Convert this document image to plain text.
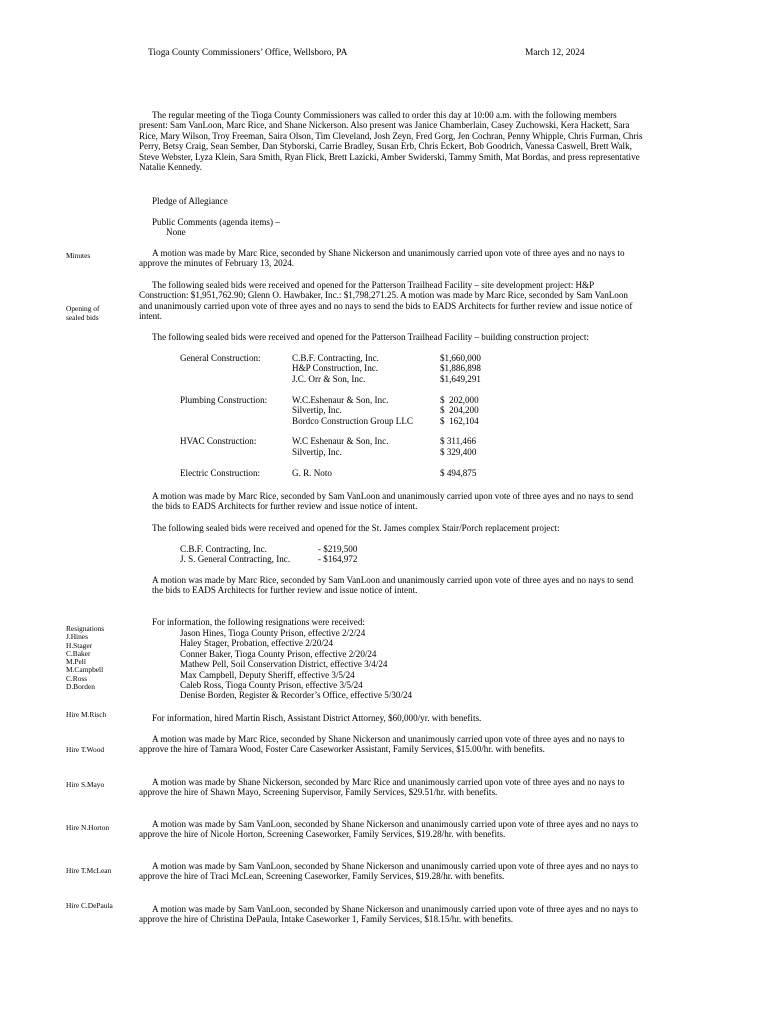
Tioga County Commissioners’ Office, Wellsboro, PA	March 12, 2024
The regular meeting of the Tioga County Commissioners was called to order this day at 10:00 a.m. with the following members present: Sam VanLoon, Marc Rice, and Shane Nickerson. Also present was Janice Chamberlain, Casey Zuchowski, Kera Hackett, Sara Rice, Mary Wilson, Troy Freeman, Saira Olson, Tim Cleveland, Josh Zeyn, Fred Gorg, Jen Cochran, Penny Whipple, Chris Furman, Chris Perry, Betsy Craig, Sean Sember, Dan Styborski, Carrie Bradley, Susan Erb, Chris Eckert, Bob Goodrich, Vanessa Caswell, Brett Walk, Steve Webster, Lyza Klein, Sara Smith, Ryan Flick, Brett Lazicki, Amber Swiderski, Tammy Smith, Mat Bordas, and press representative Natalie Kennedy.
Pledge of Allegiance
Public Comments (agenda items) –
None
Minutes	A motion was made by Marc Rice, seconded by Shane Nickerson and unanimously carried upon vote of three ayes and no nays to approve the minutes of February 13, 2024.
Opening of
sealed bids
The following sealed bids were received and opened for the Patterson Trailhead Facility – site development project: H&P Construction: $1,951,762.90; Glenn O. Hawbaker, Inc.: $1,798,271.25. A motion was made by Marc Rice, seconded by Sam VanLoon and unanimously carried upon vote of three ayes and no nays to send the bids to EADS Architects for further review and issue notice of intent.
The following sealed bids were received and opened for the Patterson Trailhead Facility – building construction project:
General Construction:	C.B.F. Contracting, Inc.	$1,660,000
	H&P Construction, Inc.	$1,886,898
	J.C. Orr & Son, Inc.	$1,649,291

Plumbing Construction:	W.C.Eshenaur & Son, Inc.	$  202,000
	Silvertip, Inc.	$  204,200
	Bordco Construction Group LLC	$  162,104

HVAC Construction:	W.C Eshenaur & Son, Inc.	$ 311,466
	Silvertip, Inc.	$ 329,400

Electric Construction:	G. R. Noto	$ 494,875
A motion was made by Marc Rice, seconded by Sam VanLoon and unanimously carried upon vote of three ayes and no nays to send the bids to EADS Architects for further review and issue notice of intent.
The following sealed bids were received and opened for the St. James complex Stair/Porch replacement project:
C.B.F. Contracting, Inc.	- $219,500
J. S. General Contracting, Inc.	- $164,972
A motion was made by Marc Rice, seconded by Sam VanLoon and unanimously carried upon vote of three ayes and no nays to send the bids to EADS Architects for further review and issue notice of intent.
Resignations
J.Hines
H.Stager
C.Baker
M.Pell
M.Campbell
C.Ross
D.Borden
For information, the following resignations were received:
Jason Hines, Tioga County Prison, effective 2/2/24
Haley Stager, Probation, effective 2/20/24
Conner Baker, Tioga County Prison, effective 2/20/24
Mathew Pell, Soil Conservation District, effective 3/4/24
Max Campbell, Deputy Sheriff, effective 3/5/24
Caleb Ross, Tioga County Prison, effective 3/5/24
Denise Borden, Register & Recorder’s Office, effective 5/30/24
Hire M.Risch	For information, hired Martin Risch, Assistant District Attorney, $60,000/yr. with benefits.
Hire T.Wood
A motion was made by Marc Rice, seconded by Shane Nickerson and unanimously carried upon vote of three ayes and no nays to approve the hire of Tamara Wood, Foster Care Caseworker Assistant, Family Services, $15.00/hr. with benefits.
Hire S.Mayo	A motion was made by Shane Nickerson, seconded by Marc Rice and unanimously carried upon vote of three ayes and no nays to approve the hire of Shawn Mayo, Screening Supervisor, Family Services, $29.51/hr. with benefits.
Hire N.Horton	A motion was made by Sam VanLoon, seconded by Shane Nickerson and unanimously carried upon vote of three ayes and no nays to approve the hire of Nicole Horton, Screening Caseworker, Family Services, $19.28/hr. with benefits.
Hire T.McLean	A motion was made by Sam VanLoon, seconded by Shane Nickerson and unanimously carried upon vote of three ayes and no nays to approve the hire of Traci McLean, Screening Caseworker, Family Services, $19.28/hr. with benefits.
Hire C.DePaula	A motion was made by Sam VanLoon, seconded by Shane Nickerson and unanimously carried upon vote of three ayes and no nays to approve the hire of Christina DePaula, Intake Caseworker 1, Family Services, $18.15/hr. with benefits.
